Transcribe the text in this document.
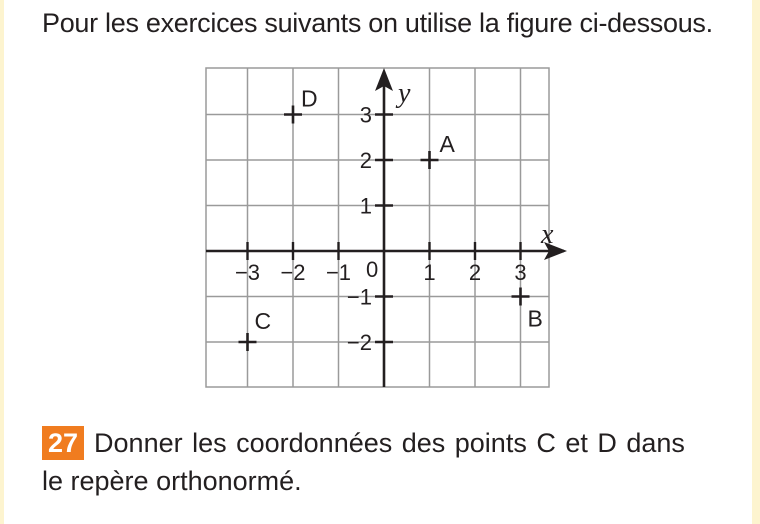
Pour les exercices suivants on utilise la figure ci-dessous.
x
y
0
−3 −2 −1	1 2 3
3
2
1
−1
−2
A
B
C
D
27 Donner les coordonnées des points C et D dans
le repère orthonormé.
